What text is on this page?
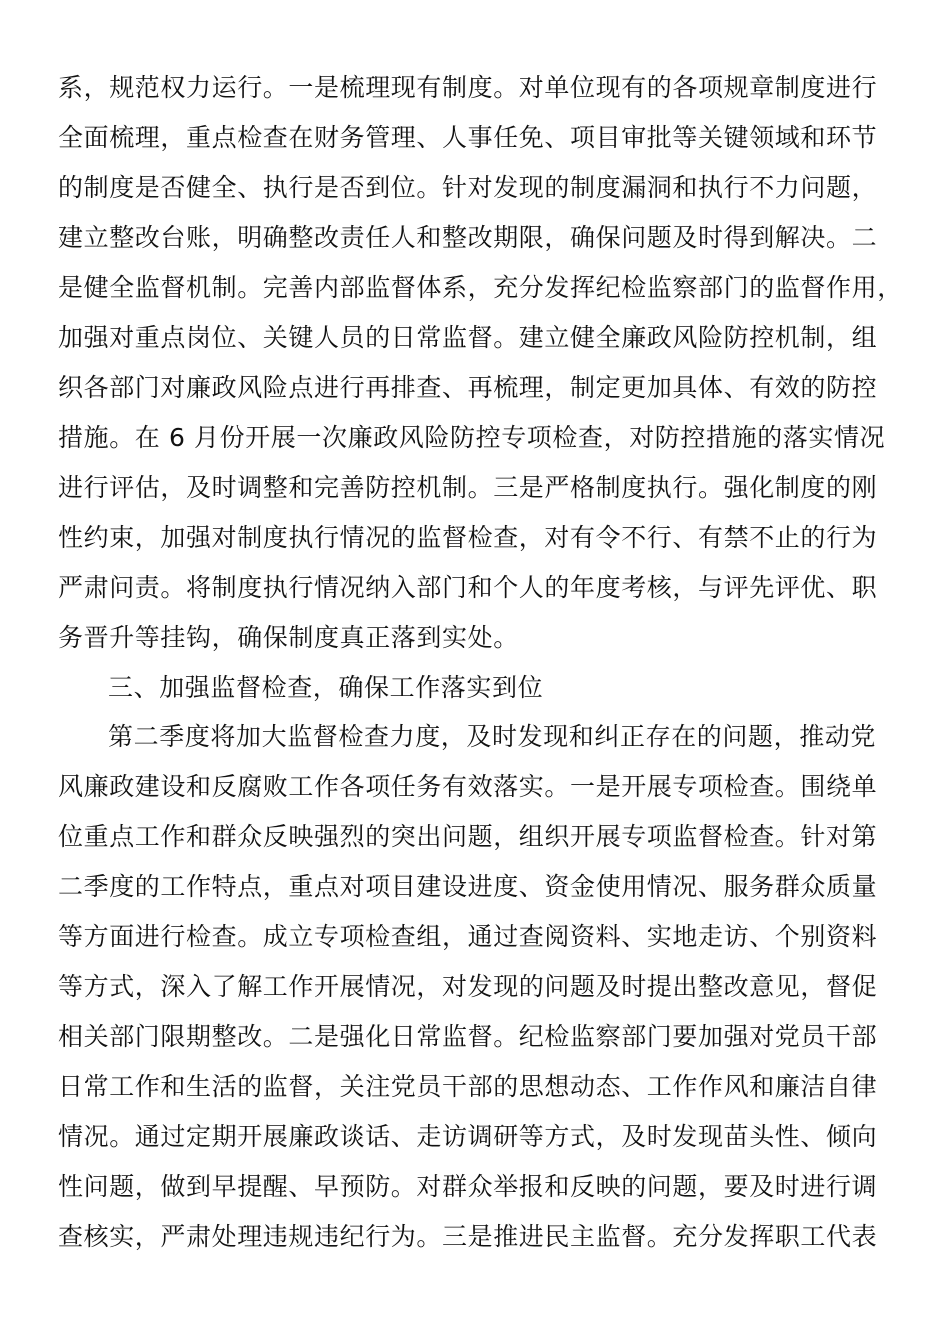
系，规范权力运行。一是梳理现有制度。对单位现有的各项规章制度进行
全面梳理，重点检查在财务管理、人事任免、项目审批等关键领域和环节
的制度是否健全、执行是否到位。针对发现的制度漏洞和执行不力问题，
建立整改台账，明确整改责任人和整改期限，确保问题及时得到解决。二
是健全监督机制。完善内部监督体系，充分发挥纪检监察部门的监督作用，
加强对重点岗位、关键人员的日常监督。建立健全廉政风险防控机制，组
织各部门对廉政风险点进行再排查、再梳理，制定更加具体、有效的防控
措施。在 6 月份开展一次廉政风险防控专项检查，对防控措施的落实情况
进行评估，及时调整和完善防控机制。三是严格制度执行。强化制度的刚
性约束，加强对制度执行情况的监督检查，对有令不行、有禁不止的行为
严肃问责。将制度执行情况纳入部门和个人的年度考核，与评先评优、职
务晋升等挂钩，确保制度真正落到实处。
三、加强监督检查，确保工作落实到位
第二季度将加大监督检查力度，及时发现和纠正存在的问题，推动党
风廉政建设和反腐败工作各项任务有效落实。一是开展专项检查。围绕单
位重点工作和群众反映强烈的突出问题，组织开展专项监督检查。针对第
二季度的工作特点，重点对项目建设进度、资金使用情况、服务群众质量
等方面进行检查。成立专项检查组，通过查阅资料、实地走访、个别资料
等方式，深入了解工作开展情况，对发现的问题及时提出整改意见，督促
相关部门限期整改。二是强化日常监督。纪检监察部门要加强对党员干部
日常工作和生活的监督，关注党员干部的思想动态、工作作风和廉洁自律
情况。通过定期开展廉政谈话、走访调研等方式，及时发现苗头性、倾向
性问题，做到早提醒、早预防。对群众举报和反映的问题，要及时进行调
查核实，严肃处理违规违纪行为。三是推进民主监督。充分发挥职工代表
